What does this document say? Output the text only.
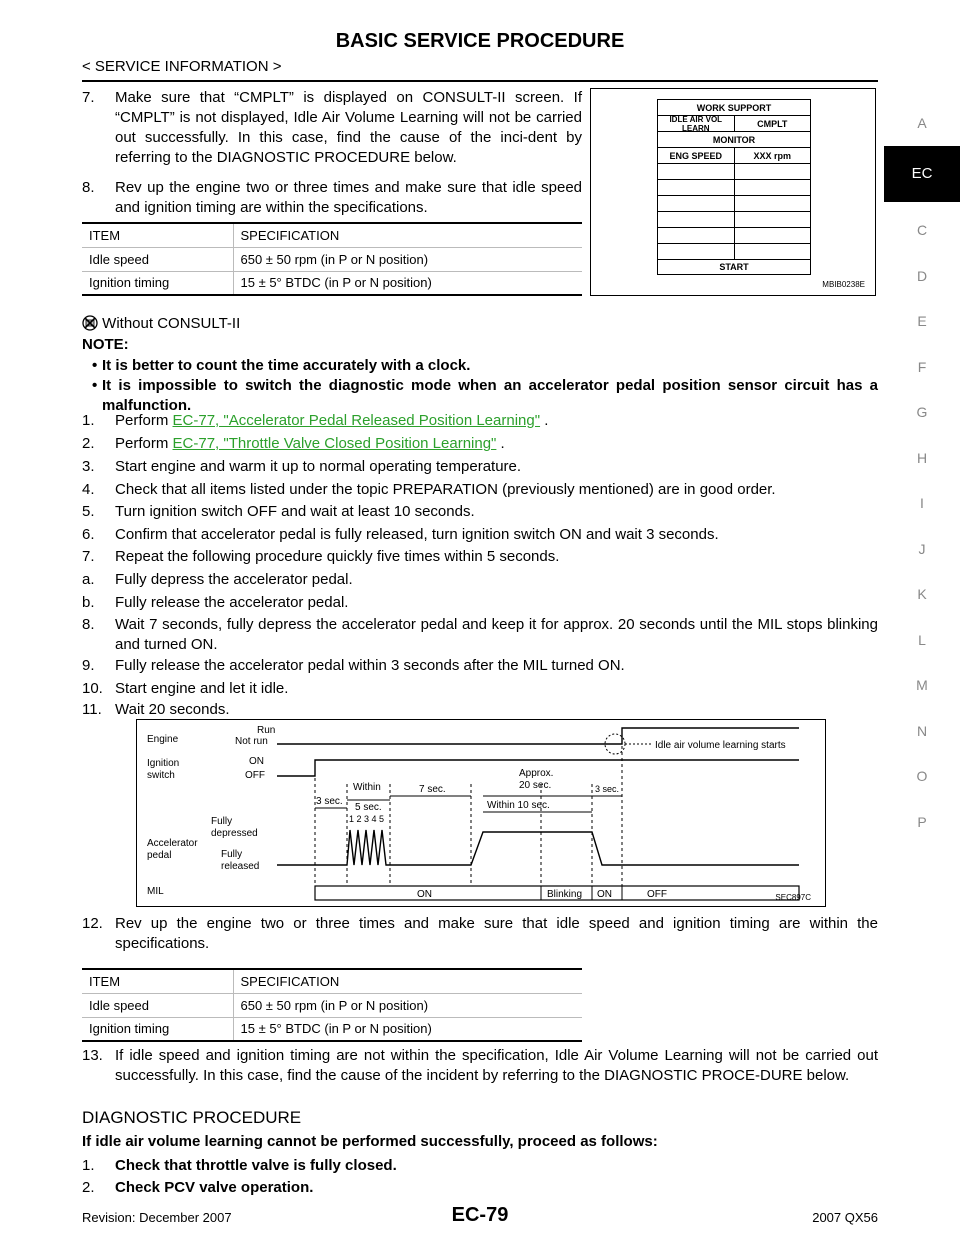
BASIC SERVICE PROCEDURE
< SERVICE INFORMATION >
A
EC
C
D
E
F
G
H
I
J
K
L
M
N
O
P
7. Make sure that “CMPLT” is displayed on CONSULT-II screen. If “CMPLT” is not displayed, Idle Air Volume Learning will not be carried out successfully. In this case, find the cause of the inci-dent by referring to the DIAGNOSTIC PROCEDURE below.
8. Rev up the engine two or three times and make sure that idle speed and ignition timing are within the specifications.
ITEM	SPECIFICATION
Idle speed	650 ± 50 rpm (in P or N position)
Ignition timing	15 ± 5° BTDC (in P or N position)
WORK SUPPORT
IDLE AIR VOL LEARN	CMPLT
MONITOR
ENG SPEED	XXX rpm
START
MBIB0238E
Without CONSULT-II
NOTE:
• It is better to count the time accurately with a clock.
• It is impossible to switch the diagnostic mode when an accelerator pedal position sensor circuit has a malfunction.
1. Perform EC-77, "Accelerator Pedal Released Position Learning" .
2. Perform EC-77, "Throttle Valve Closed Position Learning" .
3. Start engine and warm it up to normal operating temperature.
4. Check that all items listed under the topic PREPARATION (previously mentioned) are in good order.
5. Turn ignition switch OFF and wait at least 10 seconds.
6. Confirm that accelerator pedal is fully released, turn ignition switch ON and wait 3 seconds.
7. Repeat the following procedure quickly five times within 5 seconds.
a. Fully depress the accelerator pedal.
b. Fully release the accelerator pedal.
8. Wait 7 seconds, fully depress the accelerator pedal and keep it for approx. 20 seconds until the MIL stops blinking and turned ON.
9. Fully release the accelerator pedal within 3 seconds after the MIL turned ON.
10. Start engine and let it idle.
11. Wait 20 seconds.
Engine
Run
Not run
Ignition
switch
ON
OFF
Fully
depressed
Accelerator
pedal	Fully
released
MIL
Idle air volume learning starts
3 sec.
Within
5 sec.
7 sec.
Approx.
20 sec.
Within 10 sec.
3 sec.
1 2 3 4 5
ON	Blinking ON	OFF	SEC897C
12. Rev up the engine two or three times and make sure that idle speed and ignition timing are within the specifications.
ITEM	SPECIFICATION
Idle speed	650 ± 50 rpm (in P or N position)
Ignition timing	15 ± 5° BTDC (in P or N position)
13. If idle speed and ignition timing are not within the specification, Idle Air Volume Learning will not be carried out successfully. In this case, find the cause of the incident by referring to the DIAGNOSTIC PROCE-DURE below.
DIAGNOSTIC PROCEDURE
If idle air volume learning cannot be performed successfully, proceed as follows:
1. Check that throttle valve is fully closed.
2. Check PCV valve operation.
Revision: December 2007	EC-79	2007 QX56
